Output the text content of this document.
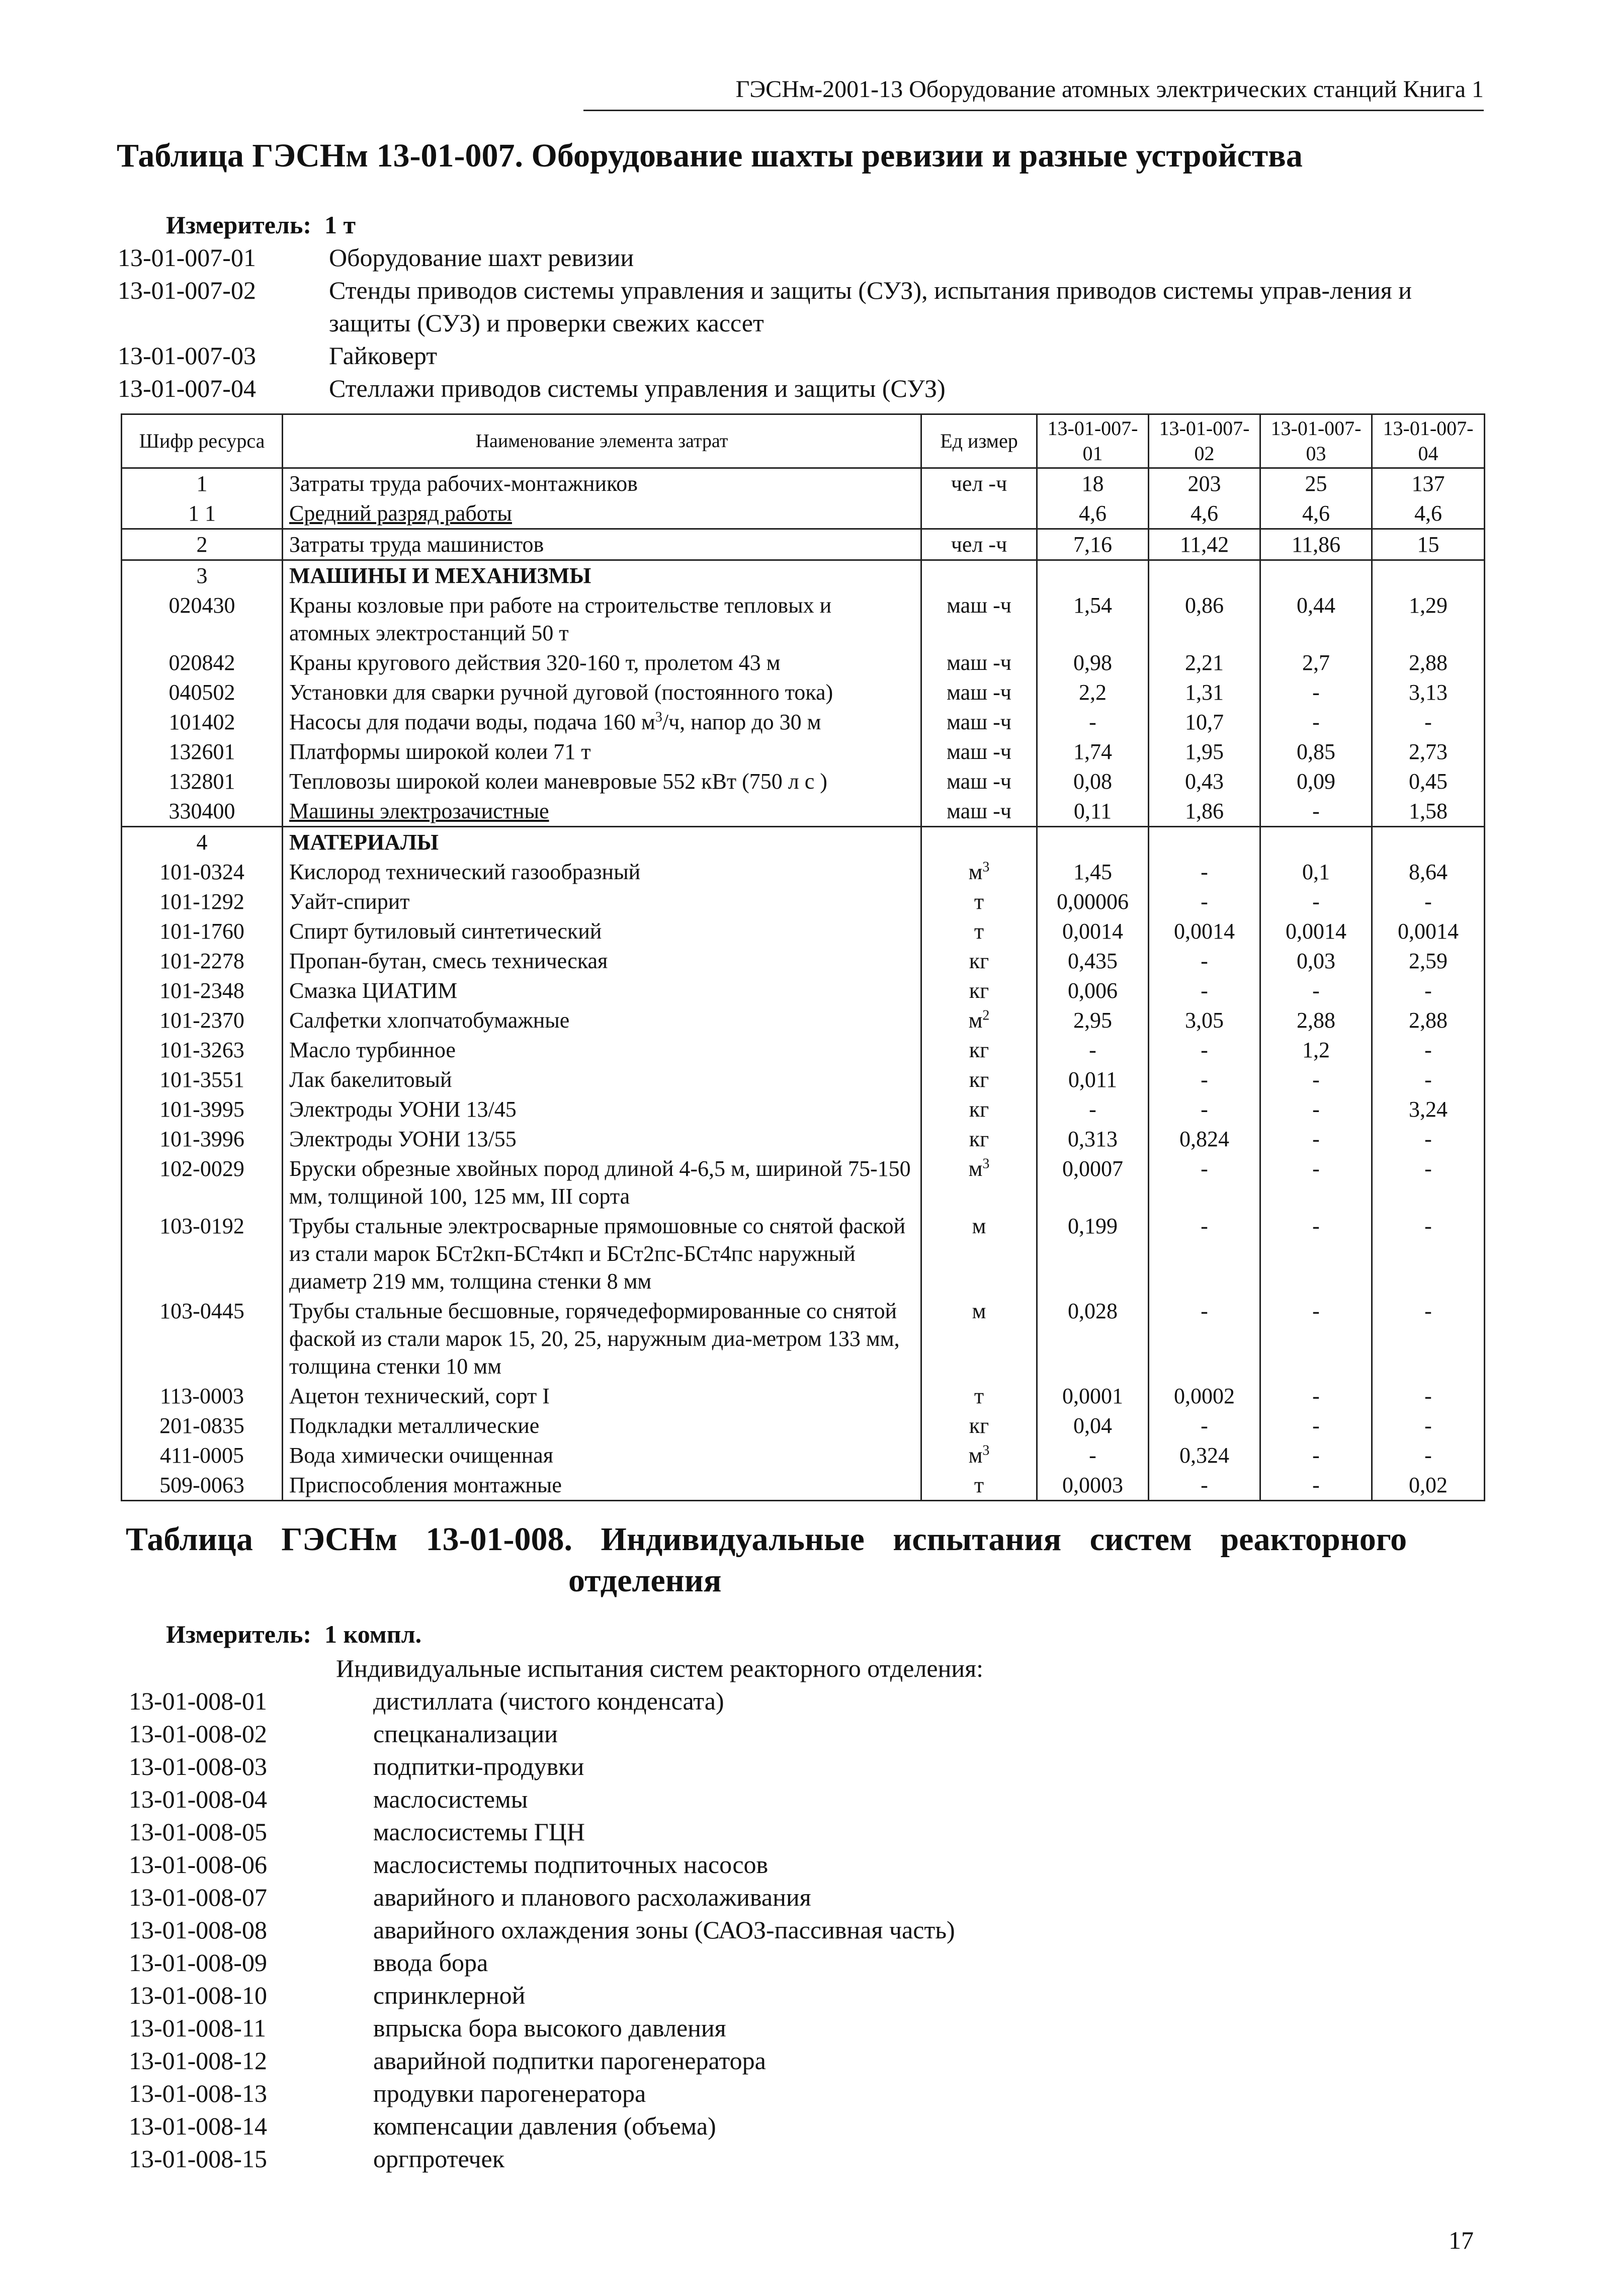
ГЭСНм-2001-13 Оборудование атомных электрических станций Книга 1
Таблица ГЭСНм 13-01-007. Оборудование шахты ревизии и разные устройства
Измеритель: 1 т
13-01-007-01	Оборудование шахт ревизии
13-01-007-02	Стенды приводов системы управления и защиты (СУЗ), испытания приводов системы управ-ления и защиты (СУЗ) и проверки свежих кассет
13-01-007-03	Гайковерт
13-01-007-04	Стеллажи приводов системы управления и защиты (СУЗ)
Шифр ресурса	Наименование элемента затрат	Ед измер	13-01-007-01	13-01-007-02	13-01-007-03	13-01-007-04
1	Затраты труда рабочих-монтажников	чел -ч	18	203	25	137
1 1	Средний разряд работы		4,6	4,6	4,6	4,6
2	Затраты труда машинистов	чел -ч	7,16	11,42	11,86	15
3	МАШИНЫ И МЕХАНИЗМЫ					
020430	Краны козловые при работе на строительстве тепловых и атомных электростанций 50 т	маш -ч	1,54	0,86	0,44	1,29
020842	Краны кругового действия 320-160 т, пролетом 43 м	маш -ч	0,98	2,21	2,7	2,88
040502	Установки для сварки ручной дуговой (постоянного тока)	маш -ч	2,2	1,31	-	3,13
101402	Насосы для подачи воды, подача 160 $м^3/ч$, напор до 30 м	маш -ч	-	10,7	-	-
132601	Платформы широкой колеи 71 т	маш -ч	1,74	1,95	0,85	2,73
132801	Тепловозы широкой колеи маневровые 552 кВт (750 л с )	маш -ч	0,08	0,43	0,09	0,45
330400	Машины электрозачистные	маш -ч	0,11	1,86	-	1,58
4	МАТЕРИАЛЫ					
101-0324	Кислород технический газообразный	$м^3$	1,45	-	0,1	8,64
101-1292	Уайт-спирит	т	0,00006	-	-	-
101-1760	Спирт бутиловый синтетический	т	0,0014	0,0014	0,0014	0,0014
101-2278	Пропан-бутан, смесь техническая	кг	0,435	-	0,03	2,59
101-2348	Смазка ЦИАТИМ	кг	0,006	-	-	-
101-2370	Салфетки хлопчатобумажные	$м^2$	2,95	3,05	2,88	2,88
101-3263	Масло турбинное	кг	-	-	1,2	-
101-3551	Лак бакелитовый	кг	0,011	-	-	-
101-3995	Электроды УОНИ 13/45	кг	-	-	-	3,24
101-3996	Электроды УОНИ 13/55	кг	0,313	0,824	-	-
102-0029	Бруски обрезные хвойных пород длиной 4-6,5 м, шириной 75-150 мм, толщиной 100, 125 мм, III сорта	$м^3$	0,0007	-	-	-
103-0192	Трубы стальные электросварные прямошовные со снятой фаской из стали марок БСт2кп-БСт4кп и БСт2пс-БСт4пс наружный диаметр 219 мм, толщина стенки 8 мм	м	0,199	-	-	-
103-0445	Трубы стальные бесшовные, горячедеформированные со снятой фаской из стали марок 15, 20, 25, наружным диа-метром 133 мм, толщина стенки 10 мм	м	0,028	-	-	-
113-0003	Ацетон технический, сорт I	т	0,0001	0,0002	-	-
201-0835	Подкладки металлические	кг	0,04	-	-	-
411-0005	Вода химически очищенная	$м^3$	-	0,324	-	-
509-0063	Приспособления монтажные	т	0,0003	-	-	0,02
Таблица ГЭСНм 13-01-008. Индивидуальные испытания систем реакторного
отделения
Измеритель: 1 компл.
Индивидуальные испытания систем реакторного отделения:
13-01-008-01	дистиллата (чистого конденсата)
13-01-008-02	спецканализации
13-01-008-03	подпитки-продувки
13-01-008-04	маслосистемы
13-01-008-05	маслосистемы ГЦН
13-01-008-06	маслосистемы подпиточных насосов
13-01-008-07	аварийного и планового расхолаживания
13-01-008-08	аварийного охлаждения зоны (САОЗ-пассивная часть)
13-01-008-09	ввода бора
13-01-008-10	спринклерной
13-01-008-11	впрыска бора высокого давления
13-01-008-12	аварийной подпитки парогенератора
13-01-008-13	продувки парогенератора
13-01-008-14	компенсации давления (объема)
13-01-008-15	оргпротечек
17
